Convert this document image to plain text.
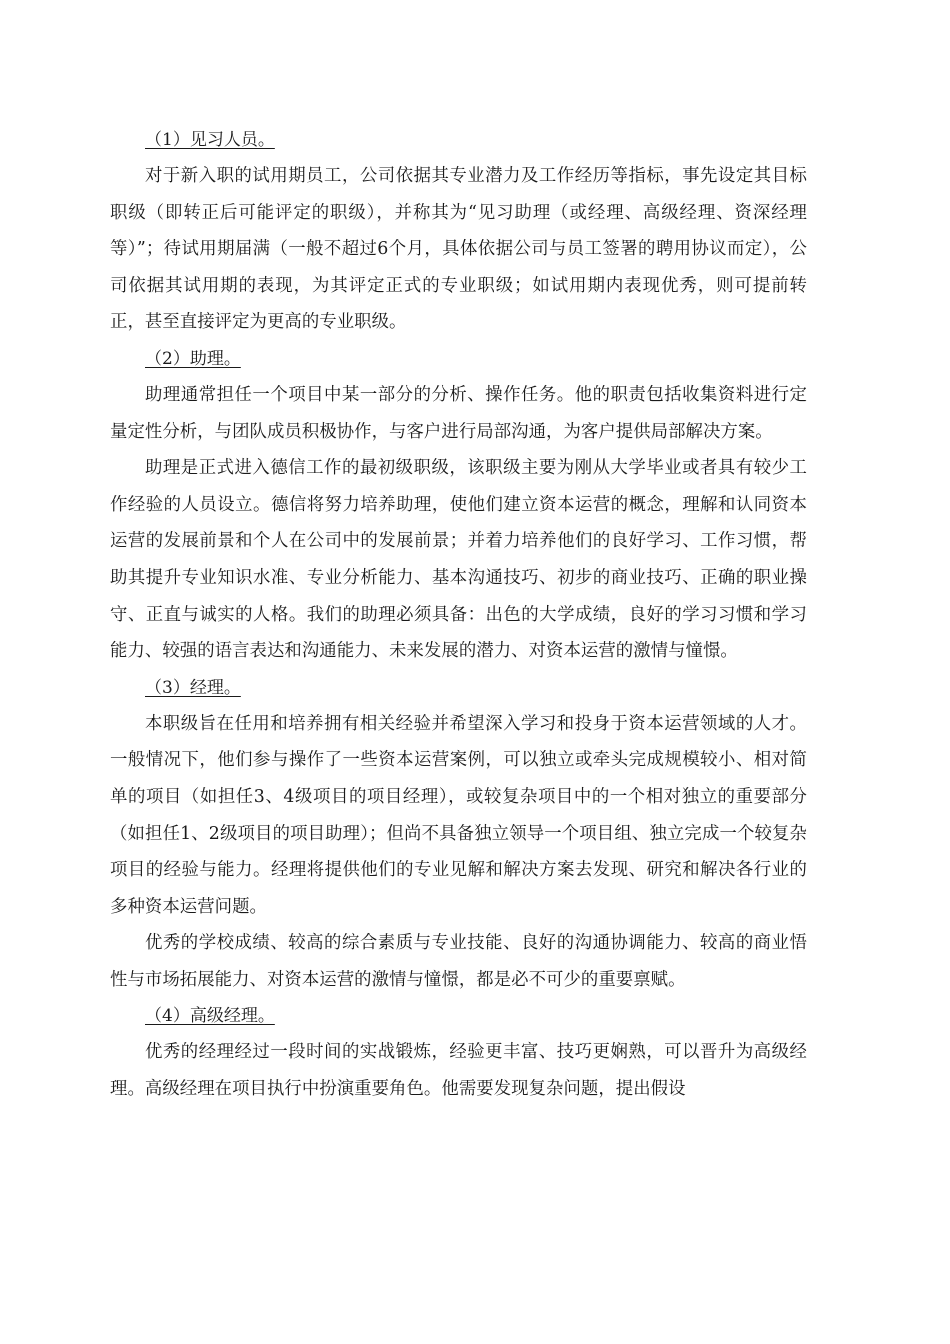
（1）见习人员。

对于新入职的试用期员工，公司依据其专业潜力及工作经历等指标，事先设定其目标职级（即转正后可能评定的职级），并称其为“见习助理（或经理、高级经理、资深经理等）”；待试用期届满（一般不超过6个月，具体依据公司与员工签署的聘用协议而定），公司依据其试用期的表现，为其评定正式的专业职级；如试用期内表现优秀，则可提前转正，甚至直接评定为更高的专业职级。

（2）助理。

助理通常担任一个项目中某一部分的分析、操作任务。他的职责包括收集资料进行定量定性分析，与团队成员积极协作，与客户进行局部沟通，为客户提供局部解决方案。

助理是正式进入德信工作的最初级职级，该职级主要为刚从大学毕业或者具有较少工作经验的人员设立。德信将努力培养助理，使他们建立资本运营的概念，理解和认同资本运营的发展前景和个人在公司中的发展前景；并着力培养他们的良好学习、工作习惯，帮助其提升专业知识水准、专业分析能力、基本沟通技巧、初步的商业技巧、正确的职业操守、正直与诚实的人格。我们的助理必须具备：出色的大学成绩，良好的学习习惯和学习能力、较强的语言表达和沟通能力、未来发展的潜力、对资本运营的激情与憧憬。

（3）经理。

本职级旨在任用和培养拥有相关经验并希望深入学习和投身于资本运营领域的人才。一般情况下，他们参与操作了一些资本运营案例，可以独立或牵头完成规模较小、相对简单的项目（如担任3、4级项目的项目经理），或较复杂项目中的一个相对独立的重要部分（如担任1、2级项目的项目助理）；但尚不具备独立领导一个项目组、独立完成一个较复杂项目的经验与能力。经理将提供他们的专业见解和解决方案去发现、研究和解决各行业的多种资本运营问题。

优秀的学校成绩、较高的综合素质与专业技能、良好的沟通协调能力、较高的商业悟性与市场拓展能力、对资本运营的激情与憧憬，都是必不可少的重要禀赋。

（4）高级经理。

优秀的经理经过一段时间的实战锻炼，经验更丰富、技巧更娴熟，可以晋升为高级经理。高级经理在项目执行中扮演重要角色。他需要发现复杂问题，提出假设
